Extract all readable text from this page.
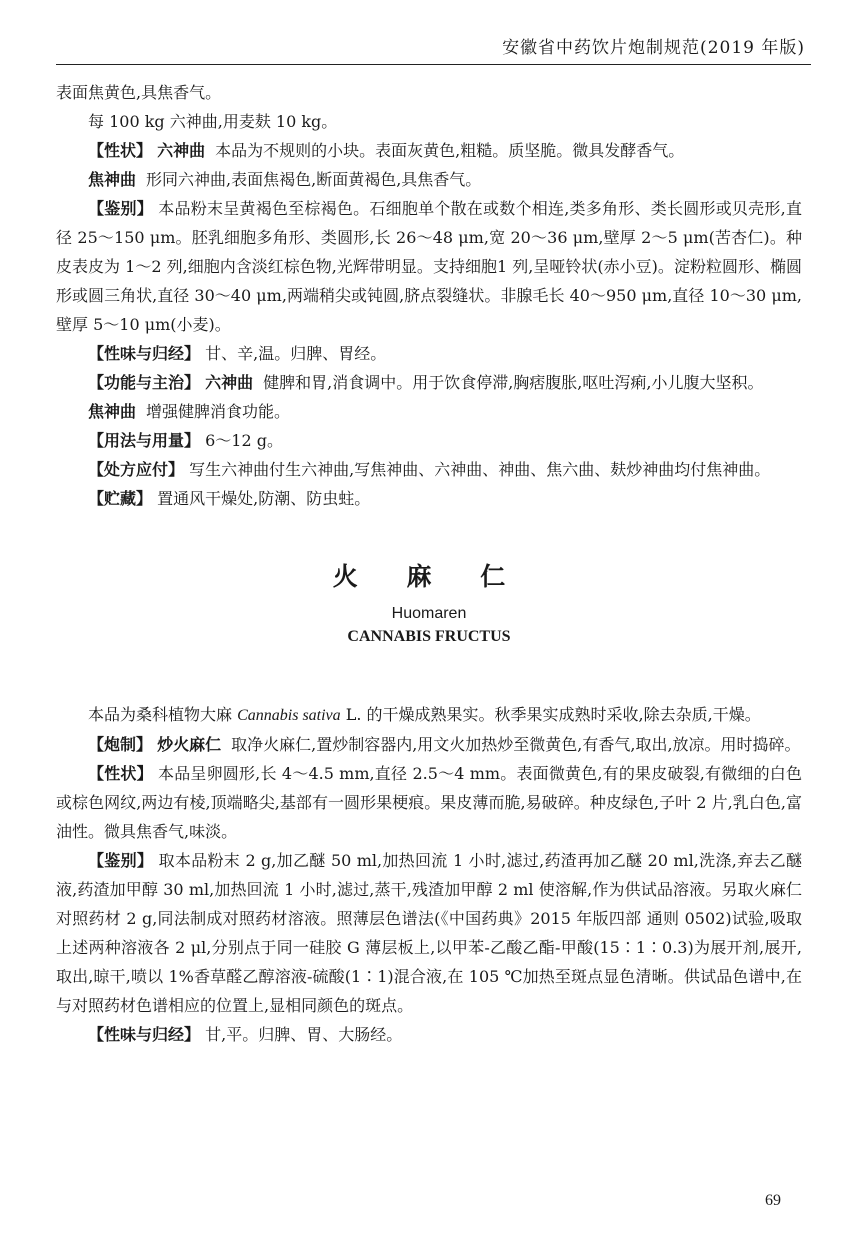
安徽省中药饮片炮制规范(2019 年版)

表面焦黄色,具焦香气。

每 100 kg 六神曲,用麦麸 10 kg。

【性状】 六神曲 本品为不规则的小块。表面灰黄色,粗糙。质坚脆。微具发酵香气。

焦神曲 形同六神曲,表面焦褐色,断面黄褐色,具焦香气。

【鉴别】 本品粉末呈黄褐色至棕褐色。石细胞单个散在或数个相连,类多角形、类长圆形或贝壳形,直径 25～150 μm。胚乳细胞多角形、类圆形,长 26～48 μm,宽 20～36 μm,壁厚 2～5 μm(苦杏仁)。种皮表皮为 1～2 列,细胞内含淡红棕色物,光辉带明显。支持细胞1 列,呈哑铃状(赤小豆)。淀粉粒圆形、椭圆形或圆三角状,直径 30～40 μm,两端稍尖或钝圆,脐点裂缝状。非腺毛长 40～950 μm,直径 10～30 μm,壁厚 5～10 μm(小麦)。

【性味与归经】 甘、辛,温。归脾、胃经。

【功能与主治】 六神曲 健脾和胃,消食调中。用于饮食停滞,胸痞腹胀,呕吐泻痢,小儿腹大坚积。

焦神曲 增强健脾消食功能。

【用法与用量】 6～12 g。

【处方应付】 写生六神曲付生六神曲,写焦神曲、六神曲、神曲、焦六曲、麸炒神曲均付焦神曲。

【贮藏】 置通风干燥处,防潮、防虫蛀。

火 麻 仁
Huomaren
CANNABIS FRUCTUS

本品为桑科植物大麻 Cannabis sativa L. 的干燥成熟果实。秋季果实成熟时采收,除去杂质,干燥。

【炮制】 炒火麻仁 取净火麻仁,置炒制容器内,用文火加热炒至微黄色,有香气,取出,放凉。用时捣碎。

【性状】 本品呈卵圆形,长 4～4.5 mm,直径 2.5～4 mm。表面微黄色,有的果皮破裂,有微细的白色或棕色网纹,两边有棱,顶端略尖,基部有一圆形果梗痕。果皮薄而脆,易破碎。种皮绿色,子叶 2 片,乳白色,富油性。微具焦香气,味淡。

【鉴别】 取本品粉末 2 g,加乙醚 50 ml,加热回流 1 小时,滤过,药渣再加乙醚 20 ml,洗涤,弃去乙醚液,药渣加甲醇 30 ml,加热回流 1 小时,滤过,蒸干,残渣加甲醇 2 ml 使溶解,作为供试品溶液。另取火麻仁对照药材 2 g,同法制成对照药材溶液。照薄层色谱法(《中国药典》2015 年版四部 通则 0502)试验,吸取上述两种溶液各 2 μl,分别点于同一硅胶 G 薄层板上,以甲苯-乙酸乙酯-甲酸(15∶1∶0.3)为展开剂,展开,取出,晾干,喷以 1%香草醛乙醇溶液-硫酸(1∶1)混合液,在 105 ℃加热至斑点显色清晰。供试品色谱中,在与对照药材色谱相应的位置上,显相同颜色的斑点。

【性味与归经】 甘,平。归脾、胃、大肠经。

69
